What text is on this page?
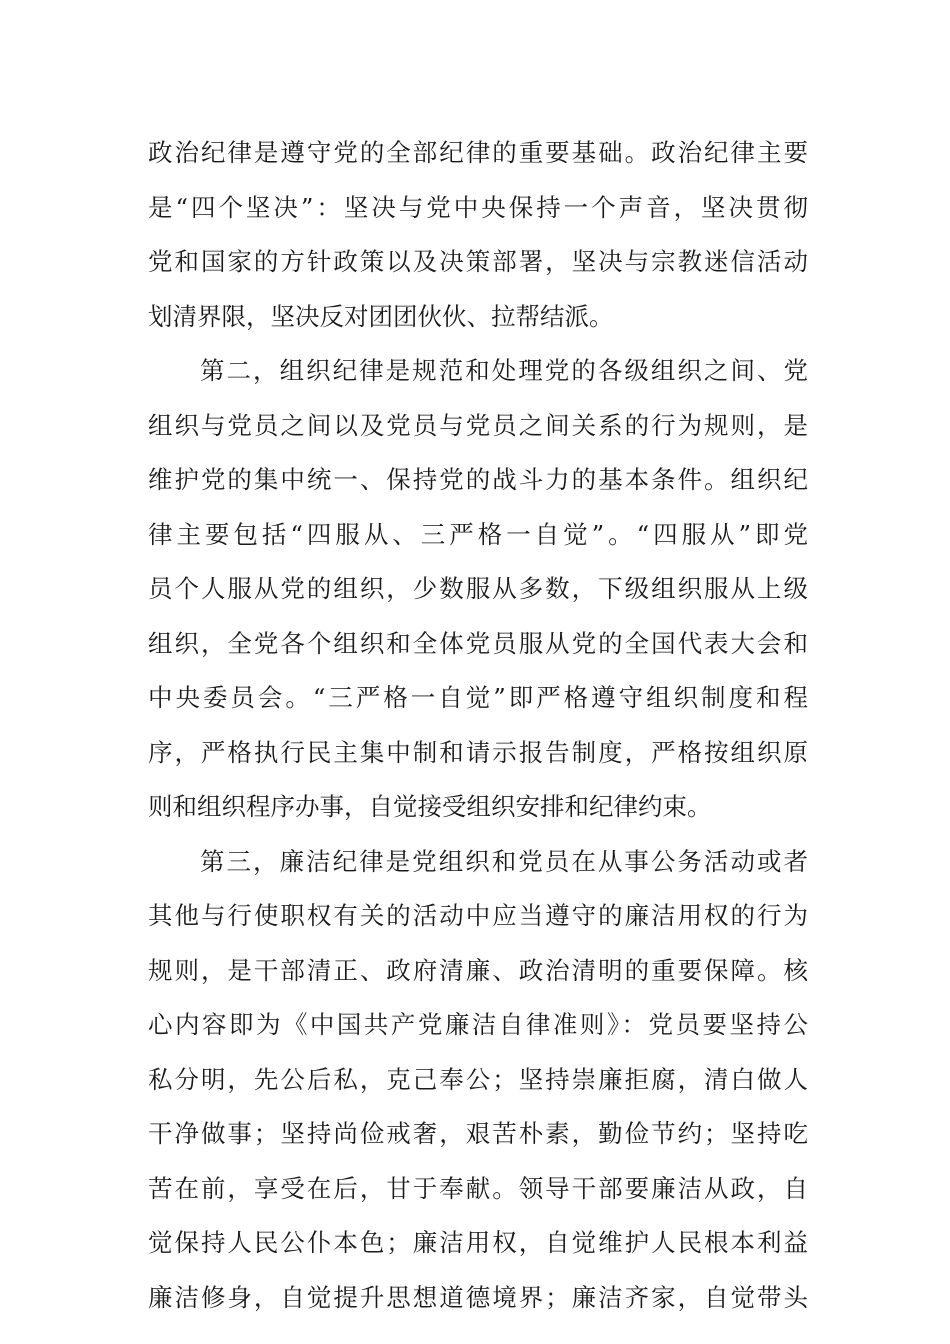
政治纪律是遵守党的全部纪律的重要基础。政治纪律主要
是“四个坚决”：坚决与党中央保持一个声音，坚决贯彻
党和国家的方针政策以及决策部署，坚决与宗教迷信活动
划清界限，坚决反对团团伙伙、拉帮结派。
第二，组织纪律是规范和处理党的各级组织之间、党
组织与党员之间以及党员与党员之间关系的行为规则，是
维护党的集中统一、保持党的战斗力的基本条件。组织纪
律主要包括“四服从、三严格一自觉”。“四服从”即党
员个人服从党的组织，少数服从多数，下级组织服从上级
组织，全党各个组织和全体党员服从党的全国代表大会和
中央委员会。“三严格一自觉”即严格遵守组织制度和程
序，严格执行民主集中制和请示报告制度，严格按组织原
则和组织程序办事，自觉接受组织安排和纪律约束。
第三，廉洁纪律是党组织和党员在从事公务活动或者
其他与行使职权有关的活动中应当遵守的廉洁用权的行为
规则，是干部清正、政府清廉、政治清明的重要保障。核
心内容即为《中国共产党廉洁自律准则》：党员要坚持公
私分明，先公后私，克己奉公；坚持崇廉拒腐，清白做人
干净做事；坚持尚俭戒奢，艰苦朴素，勤俭节约；坚持吃
苦在前，享受在后，甘于奉献。领导干部要廉洁从政，自
觉保持人民公仆本色；廉洁用权，自觉维护人民根本利益
廉洁修身，自觉提升思想道德境界；廉洁齐家，自觉带头
